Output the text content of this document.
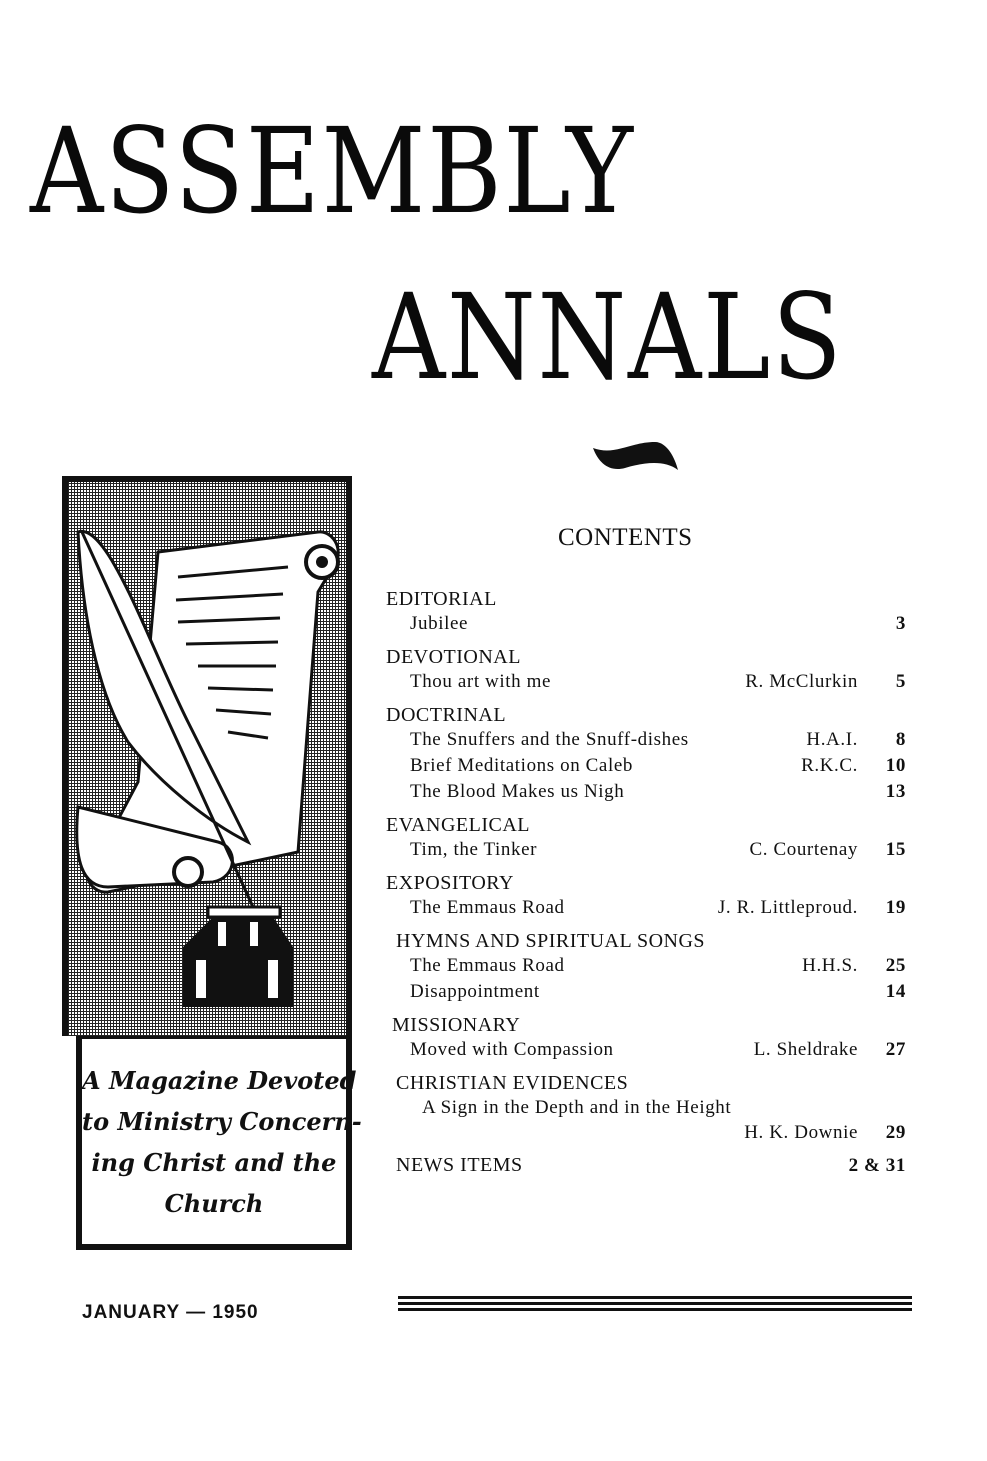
ASSEMBLY
ANNALS
A Magazine Devoted
to Ministry Concern-
ing Christ and the
Church
JANUARY — 1950
CONTENTS
EDITORIAL
Jubilee	3
DEVOTIONAL
Thou art with me	R. McClurkin	5
DOCTRINAL
The Snuffers and the Snuff-dishes	H.A.I.	8
Brief Meditations on Caleb	R.K.C.	10
The Blood Makes us Nigh	13
EVANGELICAL
Tim, the Tinker	C. Courtenay	15
EXPOSITORY
The Emmaus Road	J. R. Littleproud.	19
HYMNS AND SPIRITUAL SONGS
The Emmaus Road	H.H.S.	25
Disappointment	14
MISSIONARY
Moved with Compassion	L. Sheldrake	27
CHRISTIAN EVIDENCES
A Sign in the Depth and in the Height
H. K. Downie	29
NEWS ITEMS	2 & 31
